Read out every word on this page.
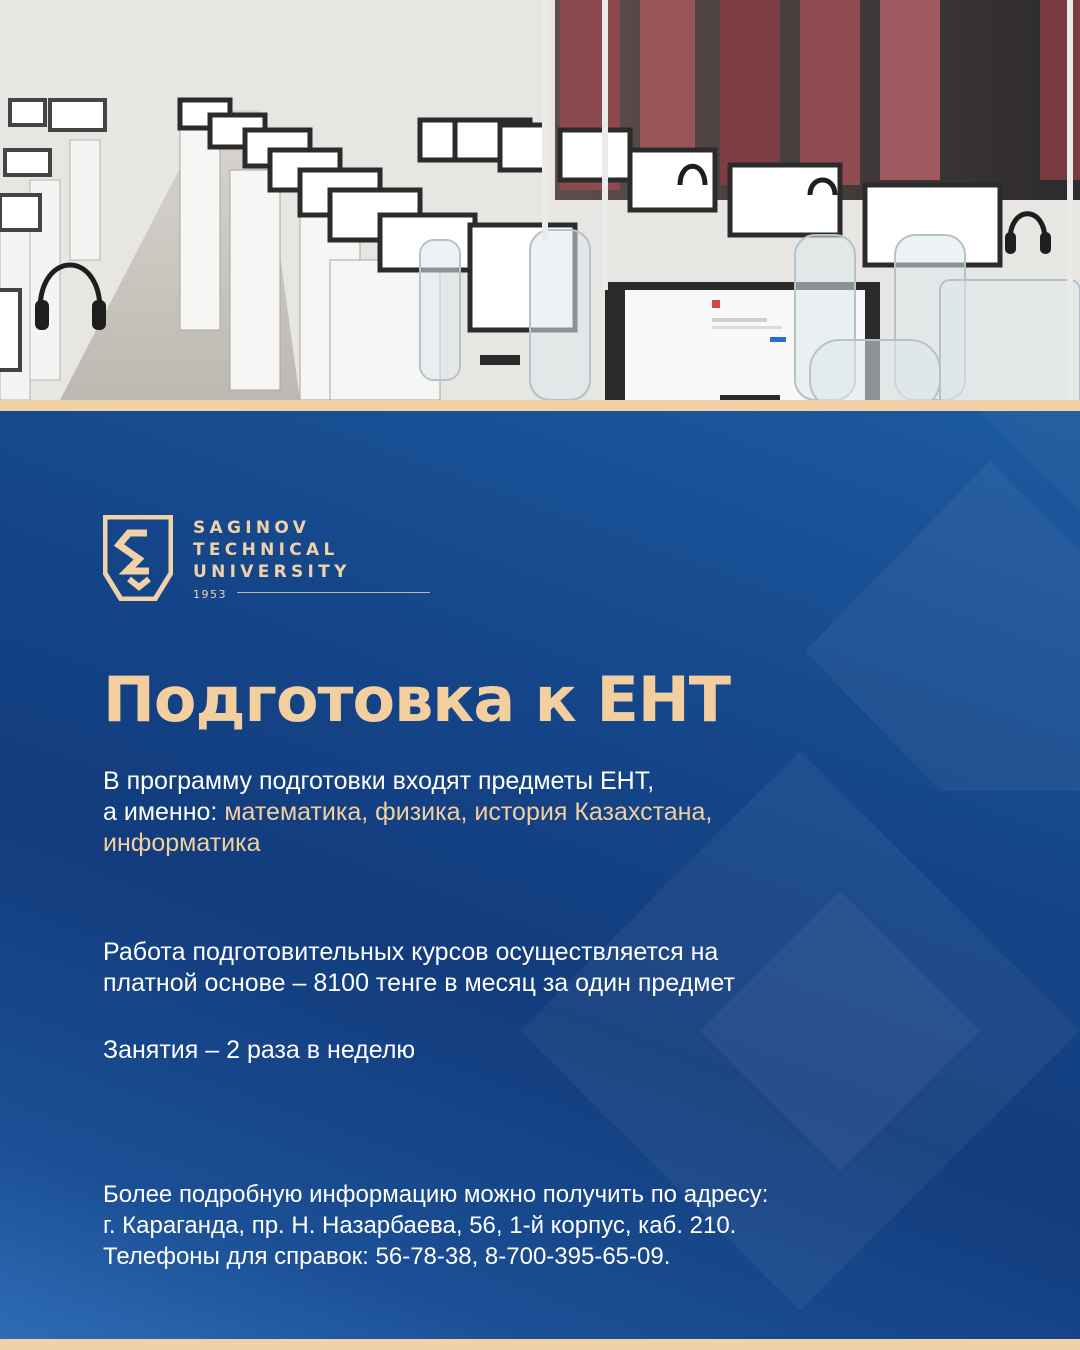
SAGINOV
TECHNICAL
UNIVERSITY
1953
Подготовка к ЕНТ

В программу подготовки входят предметы ЕНТ,
а именно: математика, физика, история Казахстана,
информатика

Работа подготовительных курсов осуществляется на
платной основе – 8100 тенге в месяц за один предмет

Занятия – 2 раза в неделю

Более подробную информацию можно получить по адресу:
г. Караганда, пр. Н. Назарбаева, 56, 1-й корпус, каб. 210.
Телефоны для справок: 56-78-38, 8-700-395-65-09.
